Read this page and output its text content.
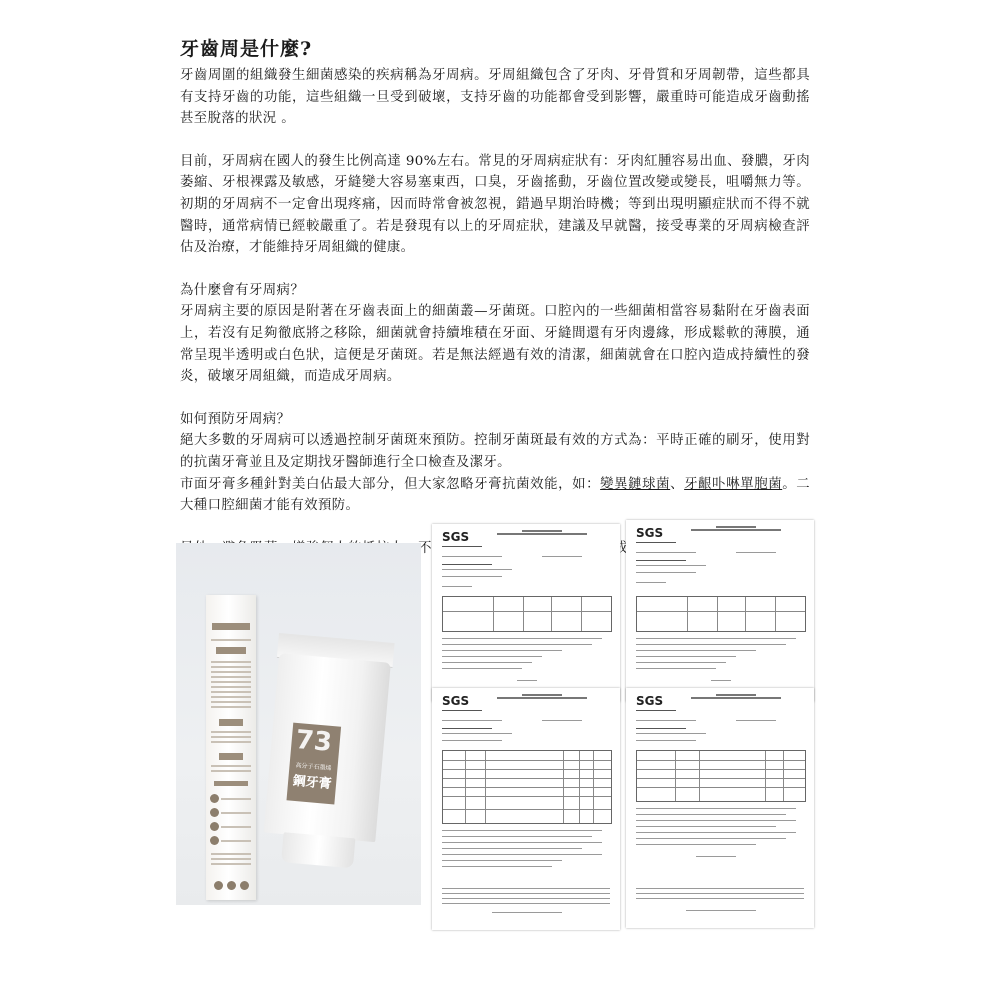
牙齒周是什麼?

牙齒周圍的組織發生細菌感染的疾病稱為牙周病。牙周組織包含了牙肉、牙骨質和牙周韌帶，這些都具有支持牙齒的功能，這些組織一旦受到破壞，支持牙齒的功能都會受到影響，嚴重時可能造成牙齒動搖甚至脫落的狀況 。

目前，牙周病在國人的發生比例高達 90%左右。常見的牙周病症狀有：牙肉紅腫容易出血、發膿，牙肉萎縮、牙根裸露及敏感，牙縫變大容易塞東西，口臭，牙齒搖動，牙齒位置改變或變長，咀嚼無力等。初期的牙周病不一定會出現疼痛，因而時常會被忽視，錯過早期治時機；等到出現明顯症狀而不得不就醫時，通常病情已經較嚴重了。若是發現有以上的牙周症狀，建議及早就醫，接受專業的牙周病檢查評估及治療，才能維持牙周組織的健康。

為什麼會有牙周病？

牙周病主要的原因是附著在牙齒表面上的細菌叢—牙菌斑。口腔內的一些細菌相當容易黏附在牙齒表面上，若沒有足夠徹底將之移除，細菌就會持續堆積在牙面、牙縫間還有牙肉邊緣，形成鬆軟的薄膜，通常呈現半透明或白色狀，這便是牙菌斑。若是無法經過有效的清潔，細菌就會在口腔內造成持續性的發炎，破壞牙周組織，而造成牙周病。

如何預防牙周病？

絕大多數的牙周病可以透過控制牙菌斑來預防。控制牙菌斑最有效的方式為：平時正確的刷牙，使用對的抗菌牙膏並且及定期找牙醫師進行全口檢查及潔牙。

市面牙膏多種針對美白佔最大部分，但大家忽略牙膏抗菌效能，如：變異鏈球菌、牙齦卟啉單胞菌。二大種口腔細菌才能有效預防。

73
高分子石墨烯
鋼牙膏
SGS	SGS
SGS	SGS
